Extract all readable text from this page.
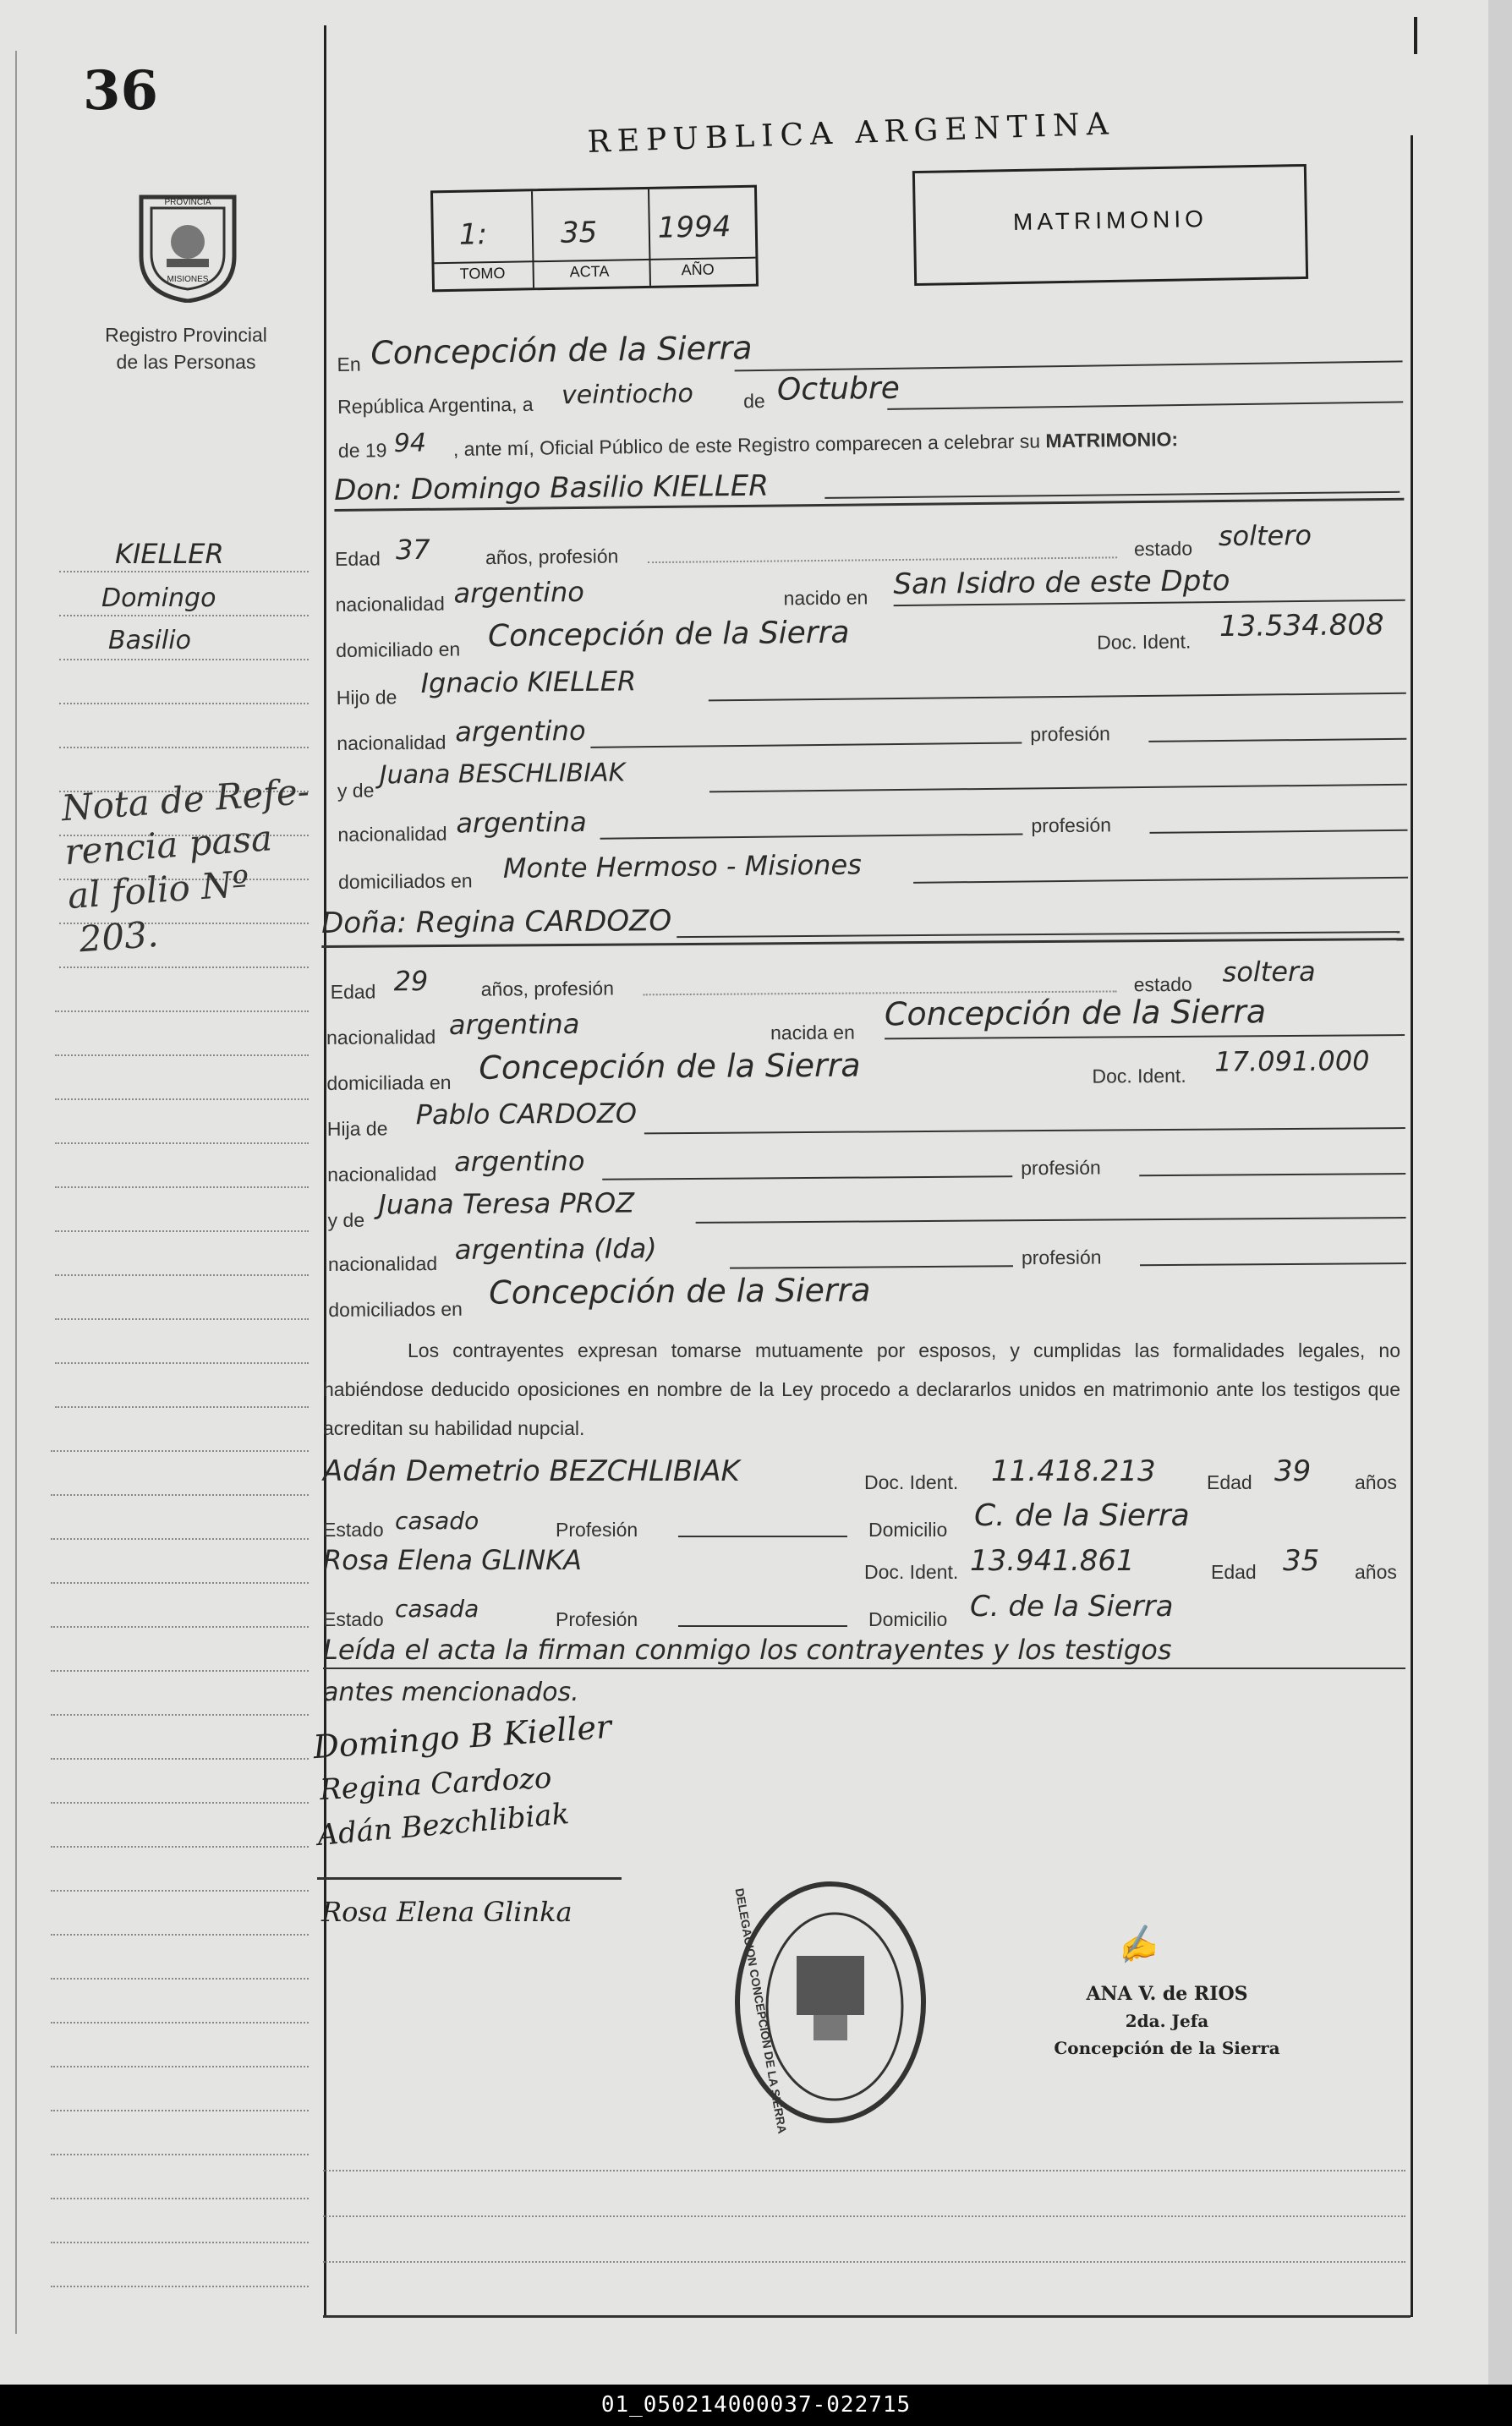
36
PROVINCIA
MISIONES
Registro Provincial
de las Personas
REPUBLICA ARGENTINA
1:	35 1994
TOMO	ACTA	AÑO
MATRIMONIO
KIELLER
Domingo
Basilio
Nota de Refe-
rencia pasa
al folio Nº
203.
En Concepción de la Sierra
República Argentina, a veintiocho	de Octubre
de 19 94 , ante mí, Oficial Público de este Registro comparecen a celebrar su MATRIMONIO:
Don: Domingo Basilio KIELLER
Edad 37	años, profesión	estado soltero
nacionalidad argentino	nacido en San Isidro de este Dpto
domiciliado en Concepción de la Sierra	Doc. Ident. 13.534.808
Hijo de Ignacio KIELLER
nacionalidad argentino	profesión
y de
Juana BESCHLIBIAK
nacionalidad argentina	profesión
domiciliados en Monte Hermoso - Misiones
Doña: Regina CARDOZO
Edad 29	años, profesión	estado soltera
nacionalidad argentina	nacida en Concepción de la Sierra
domiciliada en Concepción de la Sierra	Doc. Ident. 17.091.000
Hija de Pablo CARDOZO
nacionalidad argentino	profesión
y de Juana Teresa PROZ
nacionalidad argentina (Ida)	profesión
domiciliados en Concepción de la Sierra
Los contrayentes expresan tomarse mutuamente por esposos, y cumplidas las formalidades legales, no habiéndose deducido oposiciones en nombre de la Ley procedo a declararlos unidos en matrimonio ante los testigos que acreditan su habilidad nupcial.
Adán Demetrio BEZCHLIBIAK	Doc. Ident. 11.418.213	Edad 39 años
Estado casado	Profesión	Domicilio C. de la Sierra
Rosa Elena GLINKA	Doc. Ident. 13.941.861	Edad 35 años
Estado casada	Profesión	Domicilio C. de la Sierra
Leída el acta la firman conmigo los contrayentes y los testigos
antes mencionados.
Domingo B Kieller
Regina Cardozo
Adán Bezchlibiak
Rosa Elena Glinka	DELEGACION CONCEPCION DE LA SIERRA	✍
ANA V. de RIOS
2da. Jefa
Concepción de la Sierra
01_050214000037-022715
